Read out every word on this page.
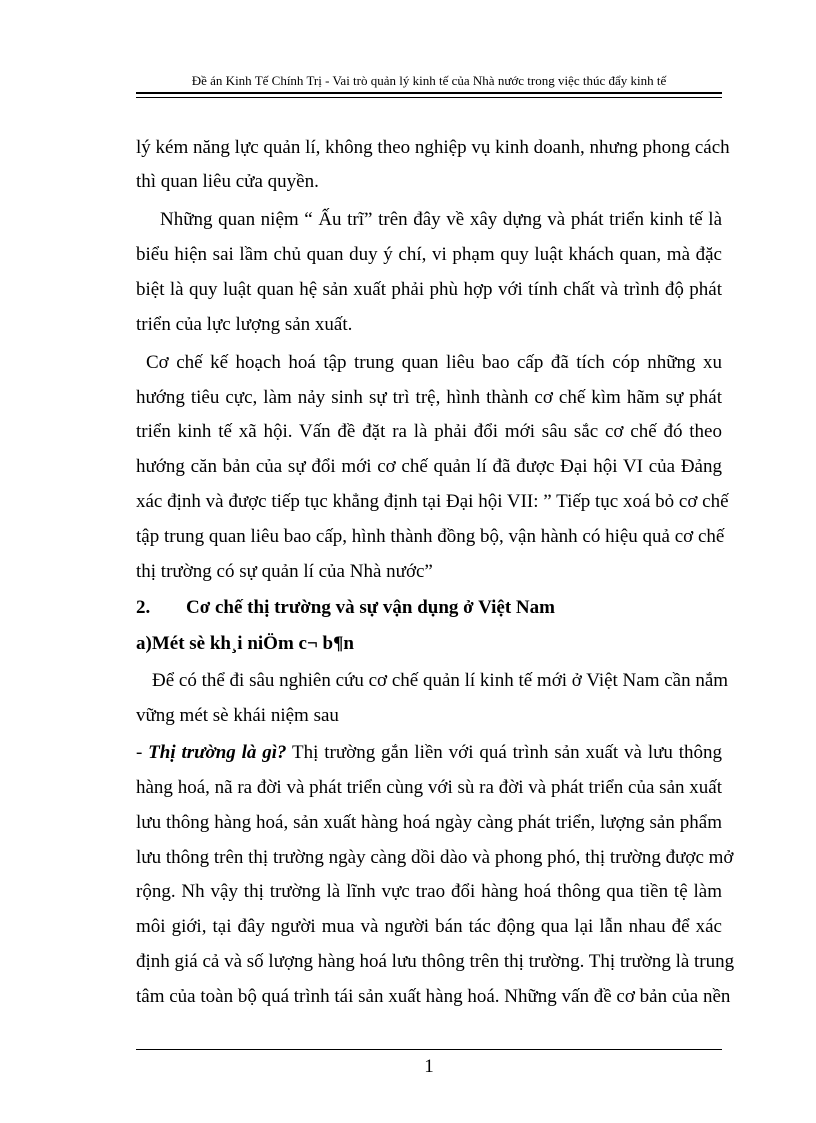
Đề án Kinh Tế Chính Trị - Vai trò quản lý kinh tế của Nhà nước trong việc thúc đẩy kinh tế
lý kém năng lực quản lí, không theo nghiệp vụ kinh doanh, nhưng phong cách
thì quan liêu cửa quyền.
Những quan niệm “ Ấu trĩ” trên đây về xây dựng và phát triển kinh tế là
biểu hiện sai lầm chủ quan duy ý chí, vi phạm quy luật khách quan, mà đặc
biệt là quy luật quan hệ sản xuất phải phù hợp với tính chất và trình độ phát
triển của lực lượng sản xuất.
Cơ chế kế hoạch hoá tập trung quan liêu bao cấp đã tích cóp những xu
hướng tiêu cực, làm nảy sinh sự trì trệ, hình thành cơ chế kìm hãm sự phát
triển kinh tế xã hội. Vấn đề đặt ra là phải đổi mới sâu sắc cơ chế đó theo
hướng căn bản của sự đổi mới cơ chế quản lí đã được Đại hội VI của Đảng
xác định và được tiếp tục khẳng định tại Đại hội VII: ” Tiếp tục xoá bỏ cơ chế
tập trung quan liêu bao cấp, hình thành đồng bộ, vận hành có hiệu quả cơ chế
thị trường có sự quản lí của Nhà nước”
2.	Cơ chế thị trường và sự vận dụng ở Việt Nam
a)Mét sè kh¸i niÖm c¬ b¶n
Để có thể đi sâu nghiên cứu cơ chế quản lí kinh tế mới ở Việt Nam cần nắm
vững mét sè khái niệm sau
- Thị trường là gì? Thị trường gắn liền với quá trình sản xuất và lưu thông
hàng hoá, nã ra đời và phát triển cùng với sù ra đời và phát triển của sản xuất
lưu thông hàng hoá, sản xuất hàng hoá ngày càng phát triển, lượng sản phẩm
lưu thông trên thị trường ngày càng dồi dào và phong phó, thị trường được mở
rộng. Nh vậy thị trường là lĩnh vực trao đổi hàng hoá thông qua tiền tệ làm
môi giới, tại đây người mua và người bán tác động qua lại lẫn nhau để xác
định giá cả và số lượng hàng hoá lưu thông trên thị trường. Thị trường là trung
tâm của toàn bộ quá trình tái sản xuất hàng hoá. Những vấn đề cơ bản của nền
1
